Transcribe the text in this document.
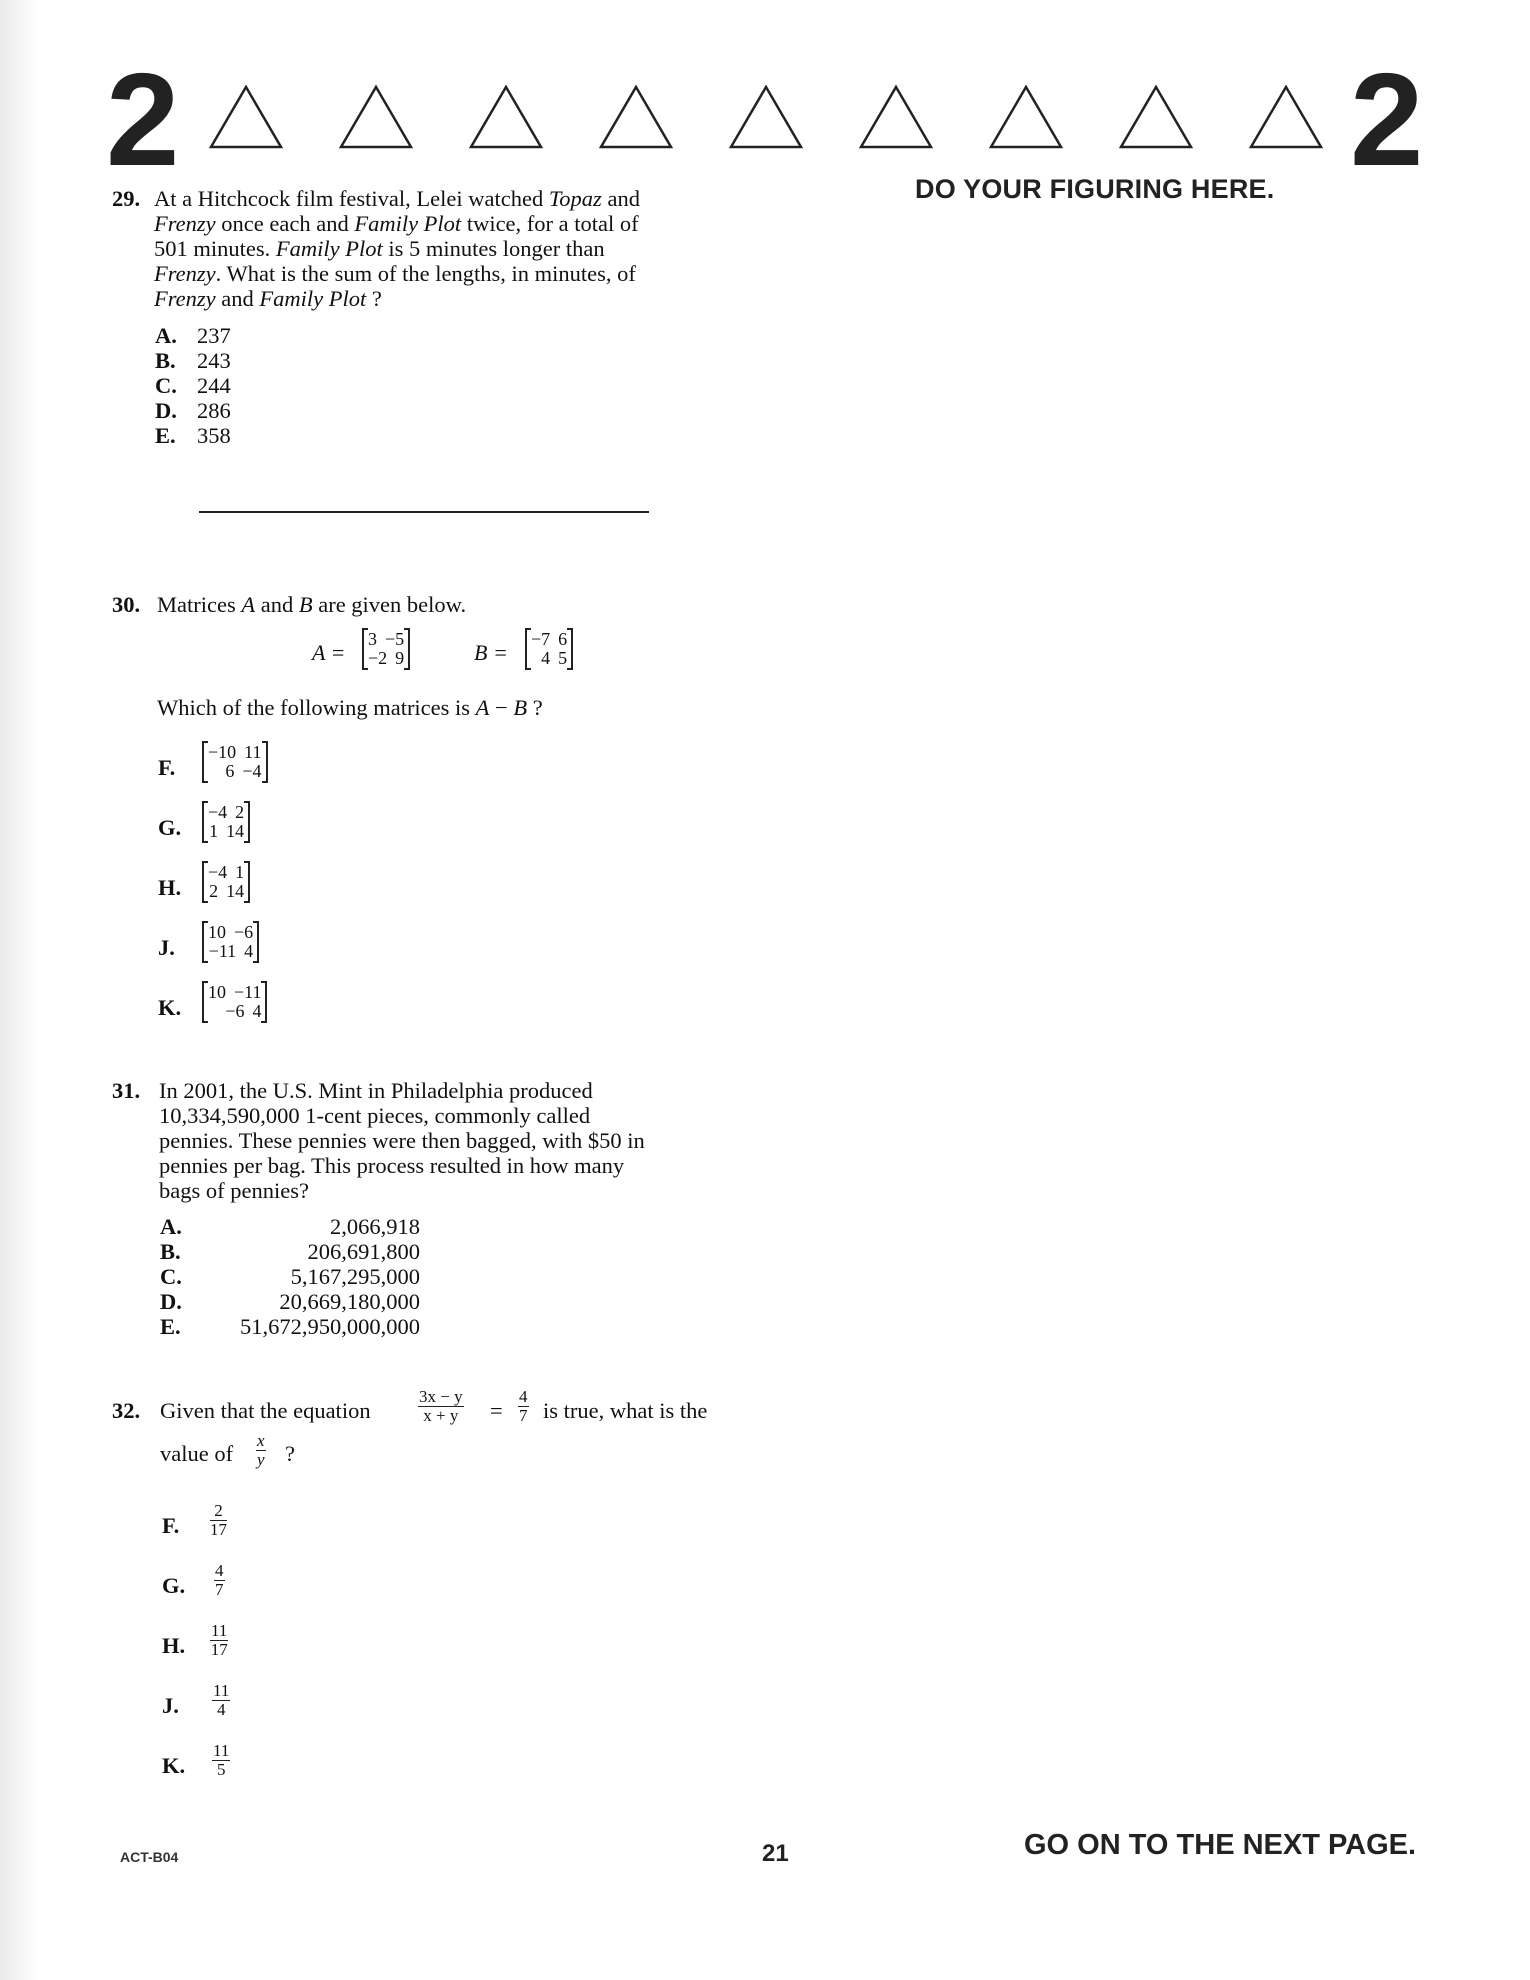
2	2
DO YOUR FIGURING HERE.
29. At a Hitchcock film festival, Lelei watched Topaz and
Frenzy once each and Family Plot twice, for a total of
501 minutes. Family Plot is 5 minutes longer than
Frenzy. What is the sum of the lengths, in minutes, of
Frenzy and Family Plot ?
A. 237
B. 243
C. 244
D. 286
E. 358
30. Matrices A and B are given below.
A =
3 −5
−2 9	B =
−7 6
4 5
Which of the following matrices is A − B ?
F.
−10 11
6 −4
G.
−4 2
1 14
H.
−4 1
2 14
J.
10 −6
−11 4
K.
10 −11
−6 4
31. In 2001, the U.S. Mint in Philadelphia produced
10,334,590,000 1-cent pieces, commonly called
pennies. These pennies were then bagged, with $50 in
pennies per bag. This process resulted in how many
bags of pennies?
A.	2,066,918
B.	206,691,800
C.	5,167,295,000
D.	20,669,180,000
E.	51,672,950,000,000
32. Given that the equation	$\frac{3x - y}{x + y} = \frac{4}{7}$ is true, what is the
value of $\frac{x}{y}$ ?
F. $\frac{2}{17}$
G. $\frac{4}{7}$
H. $\frac{11}{17}$
J. $\frac{11}{4}$
K. $\frac{11}{5}$
ACT-B04	21	GO ON TO THE NEXT PAGE.
